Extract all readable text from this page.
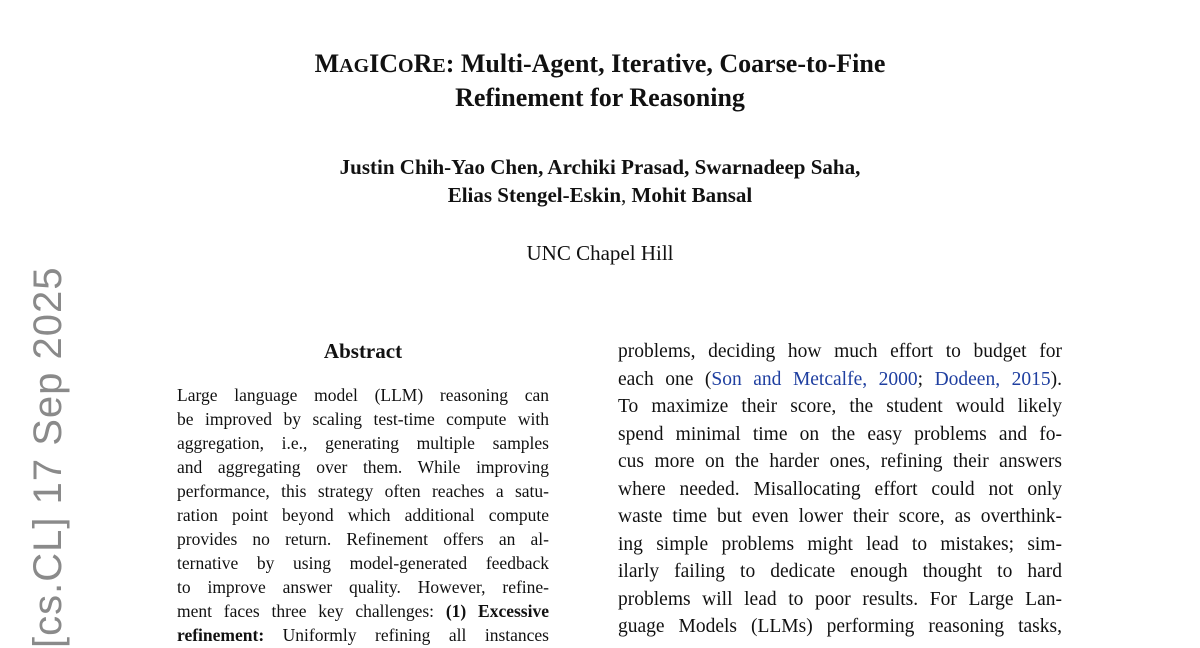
[cs.CL] 17 Sep 2025
MAGICORE: Multi-Agent, Iterative, Coarse-to-Fine
Refinement for Reasoning
Justin Chih-Yao Chen, Archiki Prasad, Swarnadeep Saha,
Elias Stengel-Eskin, Mohit Bansal
UNC Chapel Hill
Abstract
Large language model (LLM) reasoning can
be improved by scaling test-time compute with
aggregation, i.e., generating multiple samples
and aggregating over them. While improving
performance, this strategy often reaches a satu-
ration point beyond which additional compute
provides no return. Refinement offers an al-
ternative by using model-generated feedback
to improve answer quality. However, refine-
ment faces three key challenges: (1) Excessive
refinement: Uniformly refining all instances
problems, deciding how much effort to budget for
each one (Son and Metcalfe, 2000; Dodeen, 2015).
To maximize their score, the student would likely
spend minimal time on the easy problems and fo-
cus more on the harder ones, refining their answers
where needed. Misallocating effort could not only
waste time but even lower their score, as overthink-
ing simple problems might lead to mistakes; sim-
ilarly failing to dedicate enough thought to hard
problems will lead to poor results. For Large Lan-
guage Models (LLMs) performing reasoning tasks,
